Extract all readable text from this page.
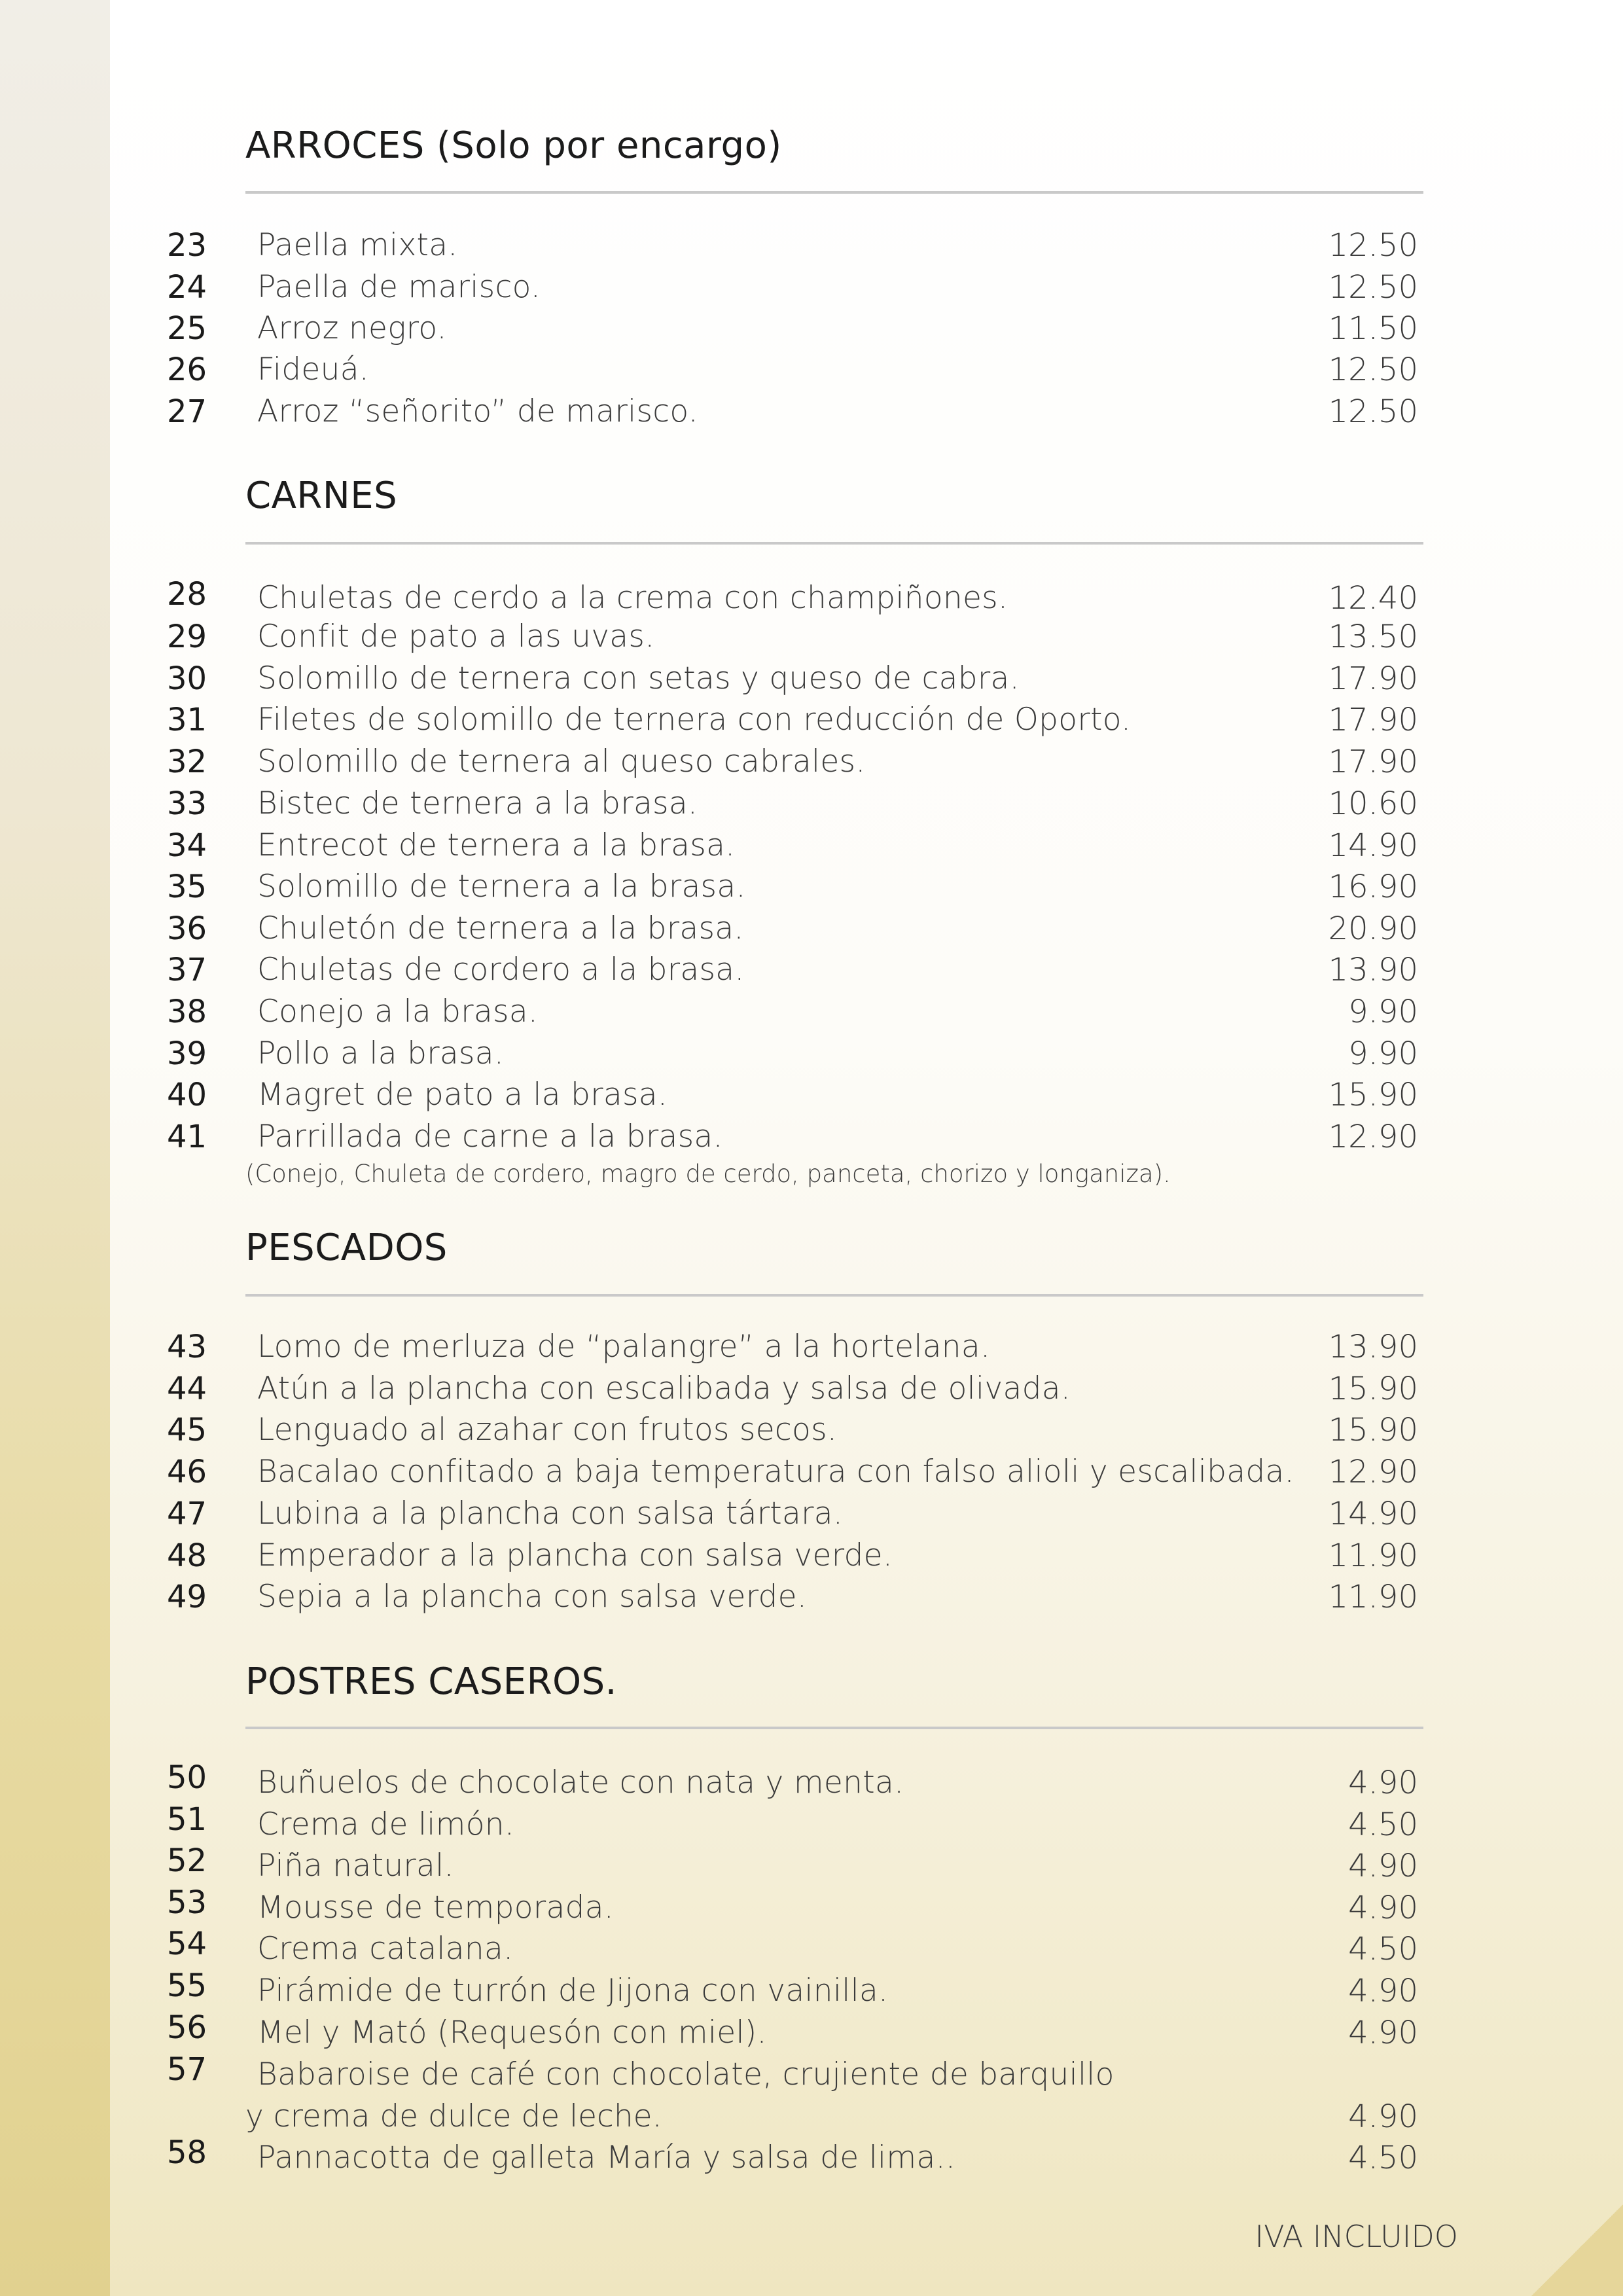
ARROCES (Solo por encargo)
23 Paella mixta.	12.50
24 Paella de marisco.	12.50
25 Arroz negro.	11.50
26 Fideuá.	12.50
27 Arroz “señorito” de marisco.	12.50
CARNES
28 Chuletas de cerdo a la crema con champiñones.	12.40
29 Confit de pato a las uvas.	13.50
30 Solomillo de ternera con setas y queso de cabra.	17.90
31 Filetes de solomillo de ternera con reducción de Oporto.	17.90
32 Solomillo de ternera al queso cabrales.	17.90
33 Bistec de ternera a la brasa.	10.60
34 Entrecot de ternera a la brasa.	14.90
35 Solomillo de ternera a la brasa.	16.90
36 Chuletón de ternera a la brasa.	20.90
37 Chuletas de cordero a la brasa.	13.90
38 Conejo a la brasa.	9.90
39 Pollo a la brasa.	9.90
40 Magret de pato a la brasa.	15.90
41 Parrillada de carne a la brasa.	12.90
(Conejo, Chuleta de cordero, magro de cerdo, panceta, chorizo y longaniza).
PESCADOS
43 Lomo de merluza de “palangre” a la hortelana.	13.90
44 Atún a la plancha con escalibada y salsa de olivada.	15.90
45 Lenguado al azahar con frutos secos.	15.90
46 Bacalao confitado a baja temperatura con falso alioli y escalibada. 12.90
47 Lubina a la plancha con salsa tártara.	14.90
48 Emperador a la plancha con salsa verde.	11.90
49 Sepia a la plancha con salsa verde.	11.90
POSTRES CASEROS.
50 Buñuelos de chocolate con nata y menta.	4.90
51 Crema de limón.	4.50
52 Piña natural.	4.90
53 Mousse de temporada.	4.90
54 Crema catalana.	4.50
55 Pirámide de turrón de Jijona con vainilla.	4.90
56 Mel y Mató (Requesón con miel).	4.90
57 Babaroise de café con chocolate, crujiente de barquillo
y crema de dulce de leche.	4.90
58 Pannacotta de galleta María y salsa de lima..	4.50
IVA INCLUIDO
